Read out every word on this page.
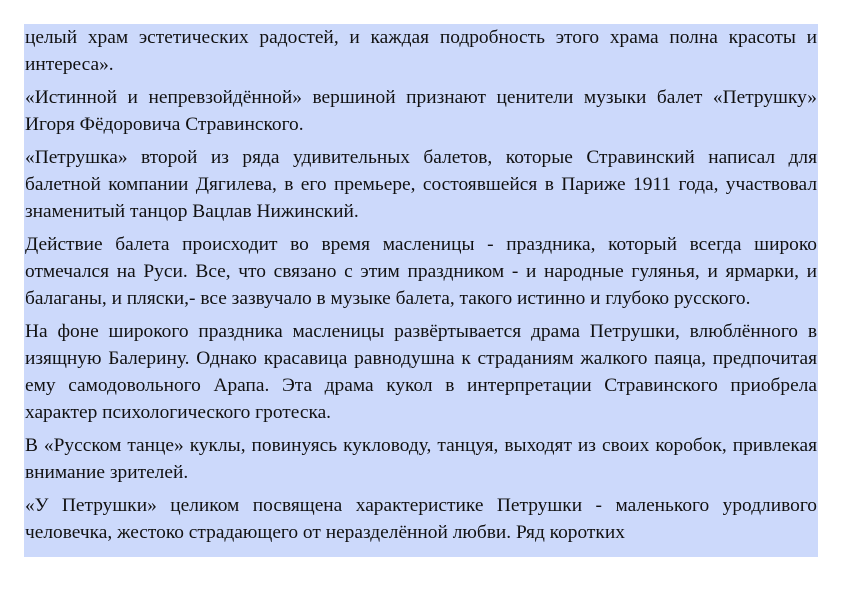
целый храм эстетических радостей, и каждая подробность этого храма полна красоты и интереса».

«Истинной и непревзойдённой» вершиной признают ценители музыки балет «Петрушку» Игоря Фёдоровича Стравинского.

«Петрушка» второй из ряда удивительных балетов, которые Стравинский написал для балетной компании Дягилева, в его премьере, состоявшейся в Париже 1911 года, участвовал знаменитый танцор Вацлав Нижинский.

Действие балета происходит во время масленицы - праздника, который всегда широко отмечался на Руси. Все, что связано с этим праздником - и народные гулянья, и ярмарки, и балаганы, и пляски,- все зазвучало в музыке балета, такого истинно и глубоко русского.

На фоне широкого праздника масленицы развёртывается драма Петрушки, влюблённого в изящную Балерину. Однако красавица равнодушна к страданиям жалкого паяца, предпочитая ему самодовольного Арапа. Эта драма кукол в интерпретации Стравинского приобрела характер психологического гротеска.

В «Русском танце» куклы, повинуясь кукловоду, танцуя, выходят из своих коробок, привлекая внимание зрителей.

«У Петрушки» целиком посвящена характеристике Петрушки - маленького уродливого человечка, жестоко страдающего от неразделённой любви. Ряд коротких
